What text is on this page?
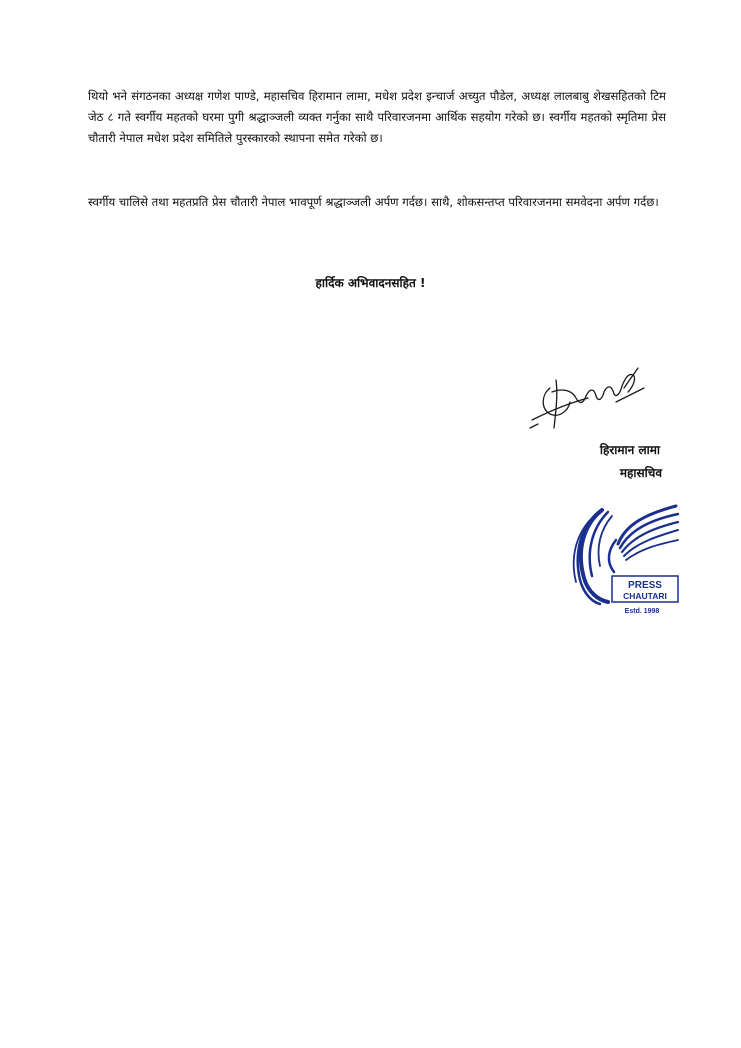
थियो भने संगठनका अध्यक्ष गणेश पाण्डे, महासचिव हिरामान लामा, मधेश प्रदेश इन्चार्ज अच्युत पौडेल, अध्यक्ष लालबाबु शेखसहितको टिम जेठ ८ गते स्वर्गीय महतको घरमा पुगी श्रद्धाञ्जली व्यक्त गर्नुका साथै परिवारजनमा आर्थिक सहयोग गरेको छ। स्वर्गीय महतको स्मृतिमा प्रेस चौतारी नेपाल मधेश प्रदेश समितिले पुरस्कारको स्थापना समेत गरेको छ।

स्वर्गीय चालिसे तथा महतप्रति प्रेस चौतारी नेपाल भावपूर्ण श्रद्धाञ्जली अर्पण गर्दछ। साथै, शोकसन्तप्त परिवारजनमा समवेदना अर्पण गर्दछ।

हार्दिक अभिवादनसहित !

हिरामान लामा

महासचिव

PRESS
CHAUTARI
Estd. 1998
